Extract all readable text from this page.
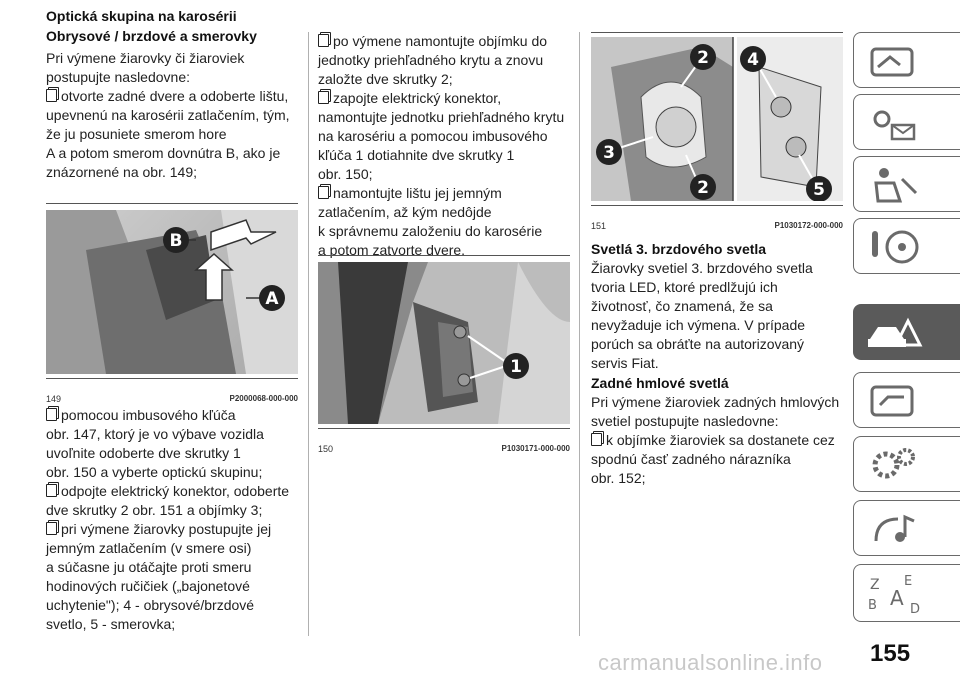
Optická skupina na karosérii
Obrysové / brzdové a smerovky
Pri výmene žiarovky či žiaroviek
postupujte nasledovne:
otvorte zadné dvere a odoberte lištu,
upevnenú na karosérii zatlačením, tým,
že ju posuniete smerom hore
A a potom smerom dovnútra B, ako je
znázornené na obr. 149;
B
A
149	P2000068-000-000
pomocou imbusového kľúča
obr. 147, ktorý je vo výbave vozidla
uvoľnite odoberte dve skrutky 1
obr. 150 a vyberte optickú skupinu;
odpojte elektrický konektor, odoberte
dve skrutky 2 obr. 151 a objímky 3;
pri výmene žiarovky postupujte jej
jemným zatlačením (v smere osi)
a súčasne ju otáčajte proti smeru
hodinových ručičiek („bajonetové
uchytenie"); 4 - obrysové/brzdové
svetlo, 5 - smerovka;
po výmene namontujte objímku do
jednotky priehľadného krytu a znovu
založte dve skrutky 2;
zapojte elektrický konektor,
namontujte jednotku priehľadného krytu
na karosériu a pomocou imbusového
kľúča 1 dotiahnite dve skrutky 1
obr. 150;
namontujte lištu jej jemným
zatlačením, až kým nedôjde
k správnemu založeniu do karosérie
a potom zatvorte dvere.
1
150	P1030171-000-000
2
3
2
4
5
151	P1030172-000-000
Svetlá 3. brzdového svetla
Žiarovky svetiel 3. brzdového svetla
tvoria LED, ktoré predlžujú ich
životnosť, čo znamená, že sa
nevyžaduje ich výmena. V prípade
porúch sa obráťte na autorizovaný
servis Fiat.
Zadné hmlové svetlá
Pri výmene žiaroviek zadných hmlových
svetiel postupujte nasledovne:
k objímke žiaroviek sa dostanete cez
spodnú časť zadného nárazníka
obr. 152;
Z E
B A D
155
carmanualsonline.info
